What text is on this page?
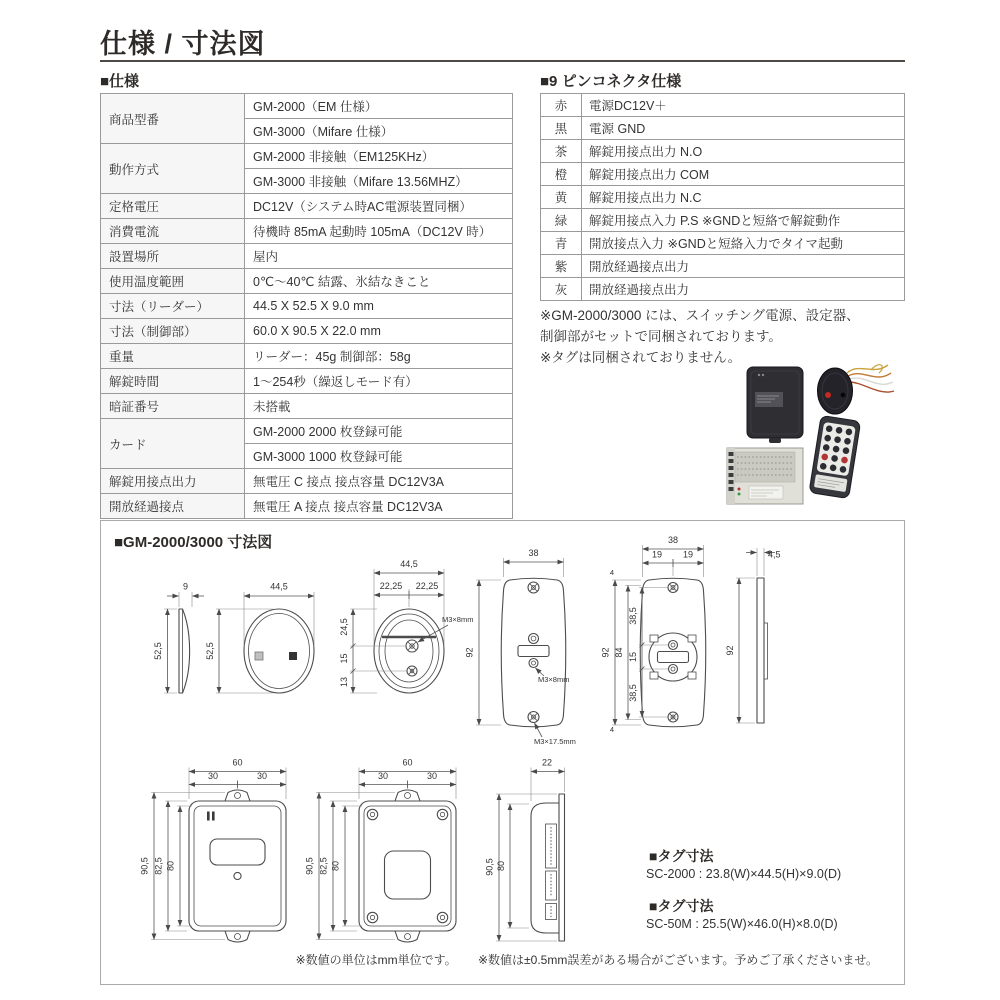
仕様 / 寸法図
■仕様
商品型番	GM-2000（EM 仕様）
	GM-3000（Mifare 仕様）
動作方式	GM-2000 非接触（EM125KHz）
	GM-3000 非接触（Mifare 13.56MHZ）
定格電圧	DC12V（システム時AC電源装置同梱）
消費電流	待機時 85mA 起動時 105mA（DC12V 時）
設置場所	屋内
使用温度範囲	0℃〜40℃ 結露、氷結なきこと
寸法（リーダー）	44.5 X 52.5 X 9.0 mm
寸法（制御部）	60.0 X 90.5 X 22.0 mm
重量	リーダー：45g 制御部：58g
解錠時間	1〜254秒（繰返しモード有）
暗証番号	未搭載
カード	GM-2000 2000 枚登録可能
	GM-3000 1000 枚登録可能
解錠用接点出力	無電圧 C 接点 接点容量 DC12V3A
開放経過接点	無電圧 A 接点 接点容量 DC12V3A
■9 ピンコネクタ仕様
赤	電源DC12V＋
黒	電源 GND
茶	解錠用接点出力 N.O
橙	解錠用接点出力 COM
黄	解錠用接点出力 N.C
緑	解錠用接点入力 P.S ※GNDと短絡で解錠動作
青	開放接点入力 ※GNDと短絡入力でタイマ起動
紫	開放経過接点出力
灰	開放経過接点出力
※GM-2000/3000 には、スイッチング電源、設定器、
制御部がセットで同梱されております。
※タグは同梱されておりません。
9
52,5
44,5
52,5
44,5
22,25 22,25
24,5
15
13
M3×8mm
M3×8mm
M3×17.5mm
38
92
38
19 19
92 84
38,5
15
38,5
4
4
4,5
92
60
30	30
90,5 82,5 80
60
30	30
90,5 82,5 80
22
90,5 80
■GM-2000/3000 寸法図
■タグ寸法
SC-2000 : 23.8(W)×44.5(H)×9.0(D)
■タグ寸法
SC-50M : 25.5(W)×46.0(H)×8.0(D)
※数値の単位はmm単位です。 ※数値は±0.5mm誤差がある場合がございます。予めご了承くださいませ。
